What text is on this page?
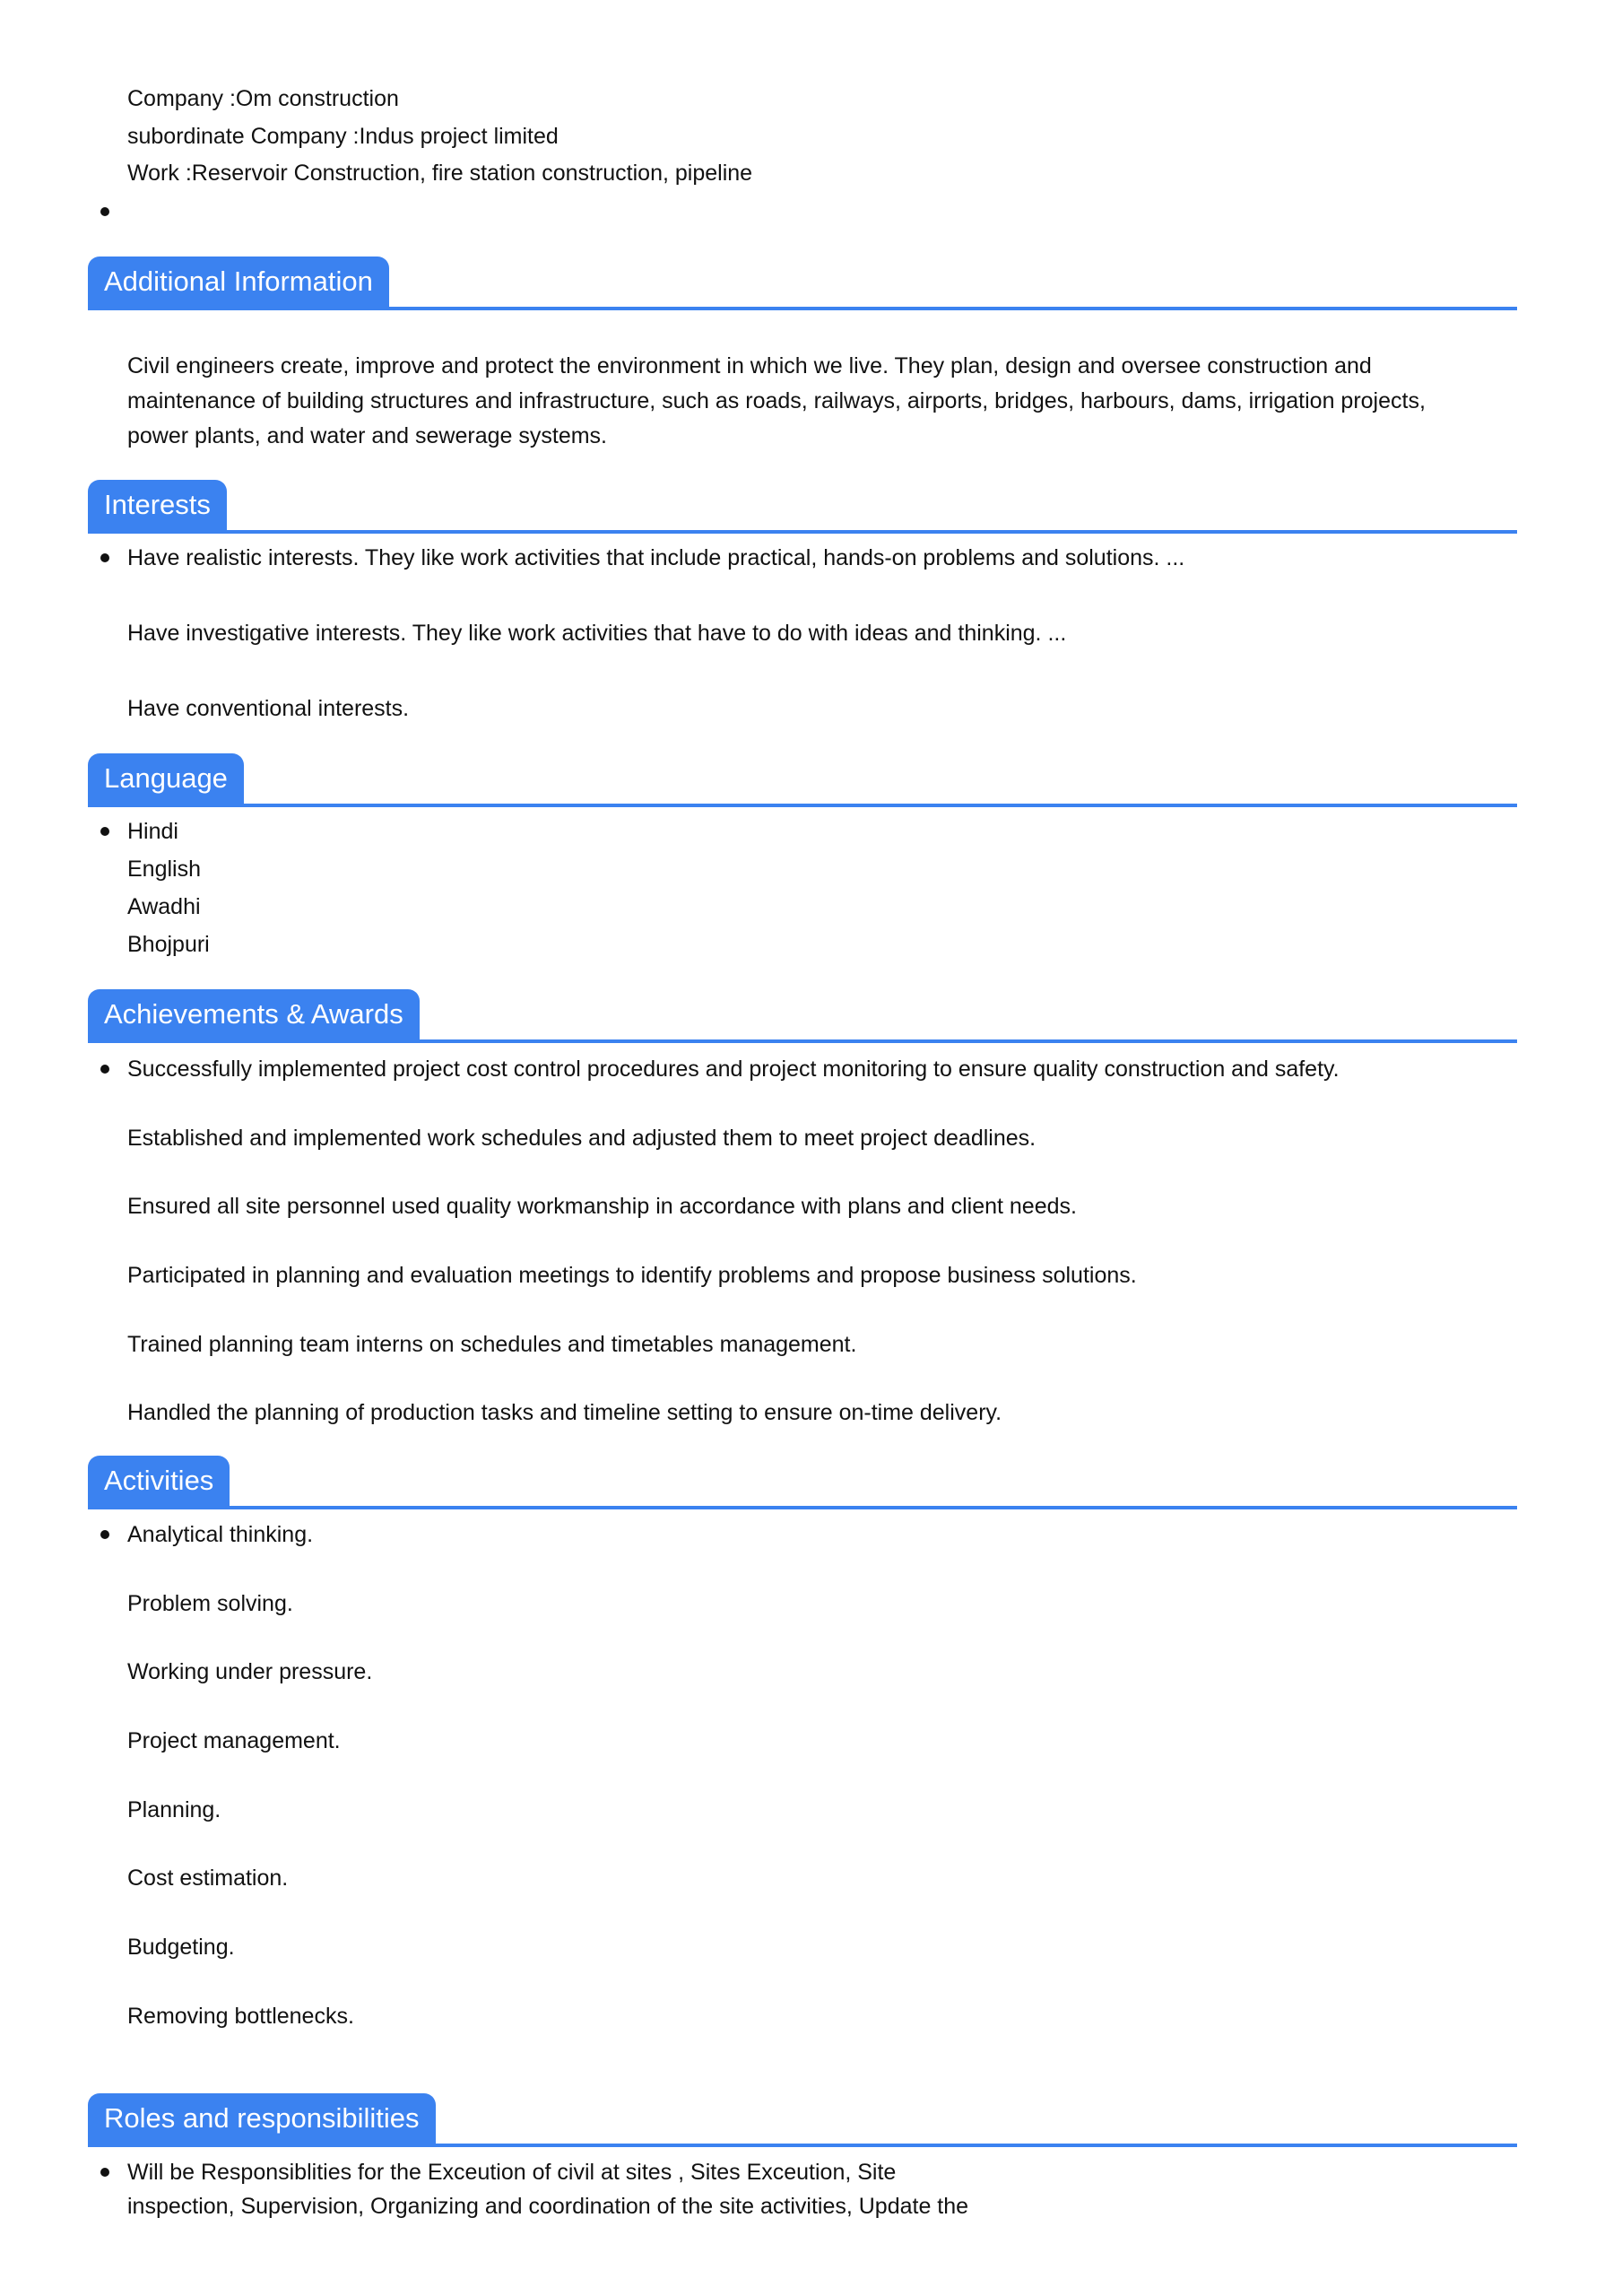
Company :Om construction
subordinate Company :Indus project limited
Work :Reservoir Construction, fire station construction, pipeline
Additional Information
Civil engineers create, improve and protect the environment in which we live. They plan, design and oversee construction and maintenance of building structures and infrastructure, such as roads, railways, airports, bridges, harbours, dams, irrigation projects, power plants, and water and sewerage systems.
Interests
Have realistic interests. They like work activities that include practical, hands-on problems and solutions. ...
Have investigative interests. They like work activities that have to do with ideas and thinking. ...
Have conventional interests.
Language
Hindi
English
Awadhi
Bhojpuri
Achievements & Awards
Successfully implemented project cost control procedures and project monitoring to ensure quality construction and safety.
Established and implemented work schedules and adjusted them to meet project deadlines.
Ensured all site personnel used quality workmanship in accordance with plans and client needs.
Participated in planning and evaluation meetings to identify problems and propose business solutions.
Trained planning team interns on schedules and timetables management.
Handled the planning of production tasks and timeline setting to ensure on-time delivery.
Activities
Analytical thinking.
Problem solving.
Working under pressure.
Project management.
Planning.
Cost estimation.
Budgeting.
Removing bottlenecks.
Roles and responsibilities
Will be Responsiblities for the Exceution of civil at sites , Sites Exceution, Site
inspection, Supervision, Organizing and coordination of the site activities, Update the
